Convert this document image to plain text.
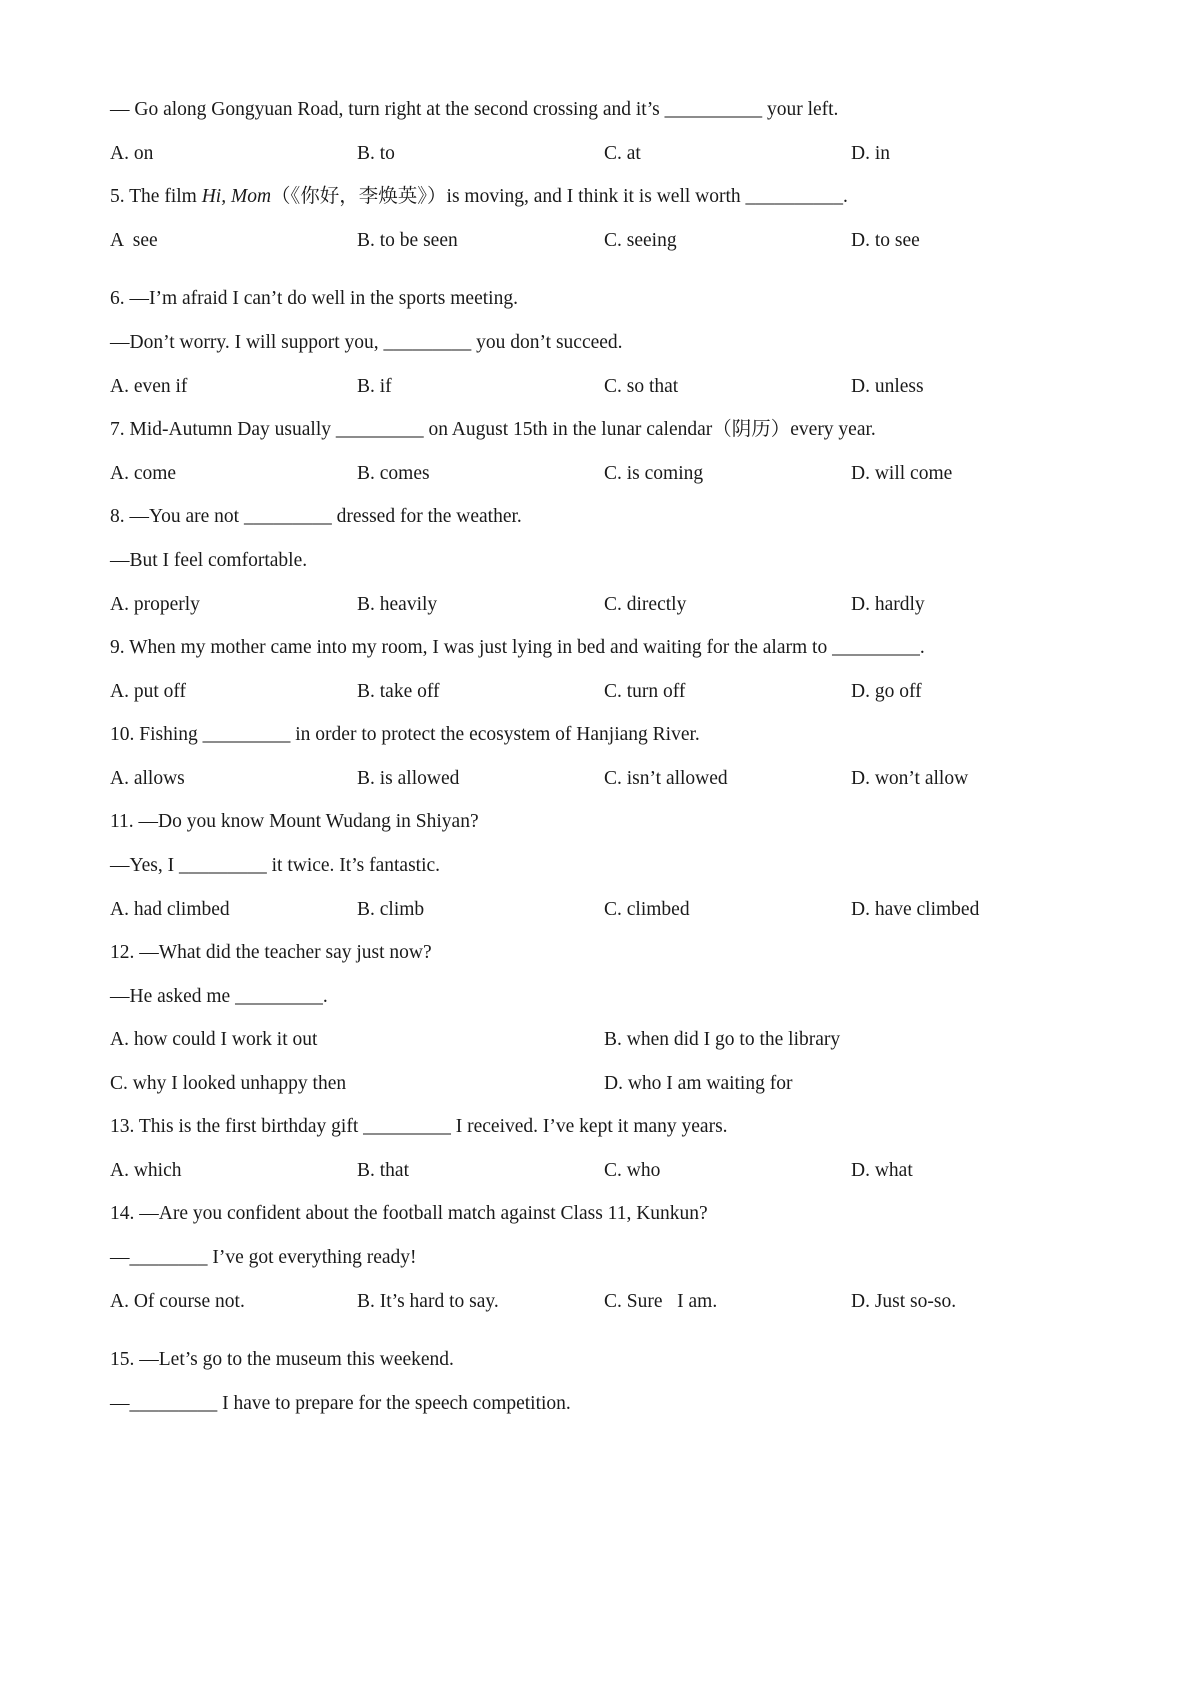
— Go along Gongyuan Road, turn right at the second crossing and it’s __________ your left.
A. on	B. to	C. at	D. in
5. The film Hi, Mom（《你好，李焕英》）is moving, and I think it is well worth __________.
A  see	B. to be seen	C. seeing	D. to see
6. —I’m afraid I can’t do well in the sports meeting.
—Don’t worry. I will support you, _________ you don’t succeed.
A. even if	B. if	C. so that	D. unless
7. Mid-Autumn Day usually _________ on August 15th in the lunar calendar（阴历）every year.
A. come	B. comes	C. is coming	D. will come
8. —You are not _________ dressed for the weather.
—But I feel comfortable.
A. properly	B. heavily	C. directly	D. hardly
9. When my mother came into my room, I was just lying in bed and waiting for the alarm to _________.
A. put off	B. take off	C. turn off	D. go off
10. Fishing _________ in order to protect the ecosystem of Hanjiang River.
A. allows	B. is allowed	C. isn’t allowed	D. won’t allow
11. —Do you know Mount Wudang in Shiyan?
—Yes, I _________ it twice. It’s fantastic.
A. had climbed	B. climb	C. climbed	D. have climbed
12. —What did the teacher say just now?
—He asked me _________.
A. how could I work it out	B. when did I go to the library
C. why I looked unhappy then	D. who I am waiting for
13. This is the first birthday gift _________ I received. I’ve kept it many years.
A. which	B. that	C. who	D. what
14. —Are you confident about the football match against Class 11, Kunkun?
—________ I’ve got everything ready!
A. Of course not.	B. It’s hard to say.	C. Sure   I am.	D. Just so-so.
15. —Let’s go to the museum this weekend.
—_________ I have to prepare for the speech competition.
